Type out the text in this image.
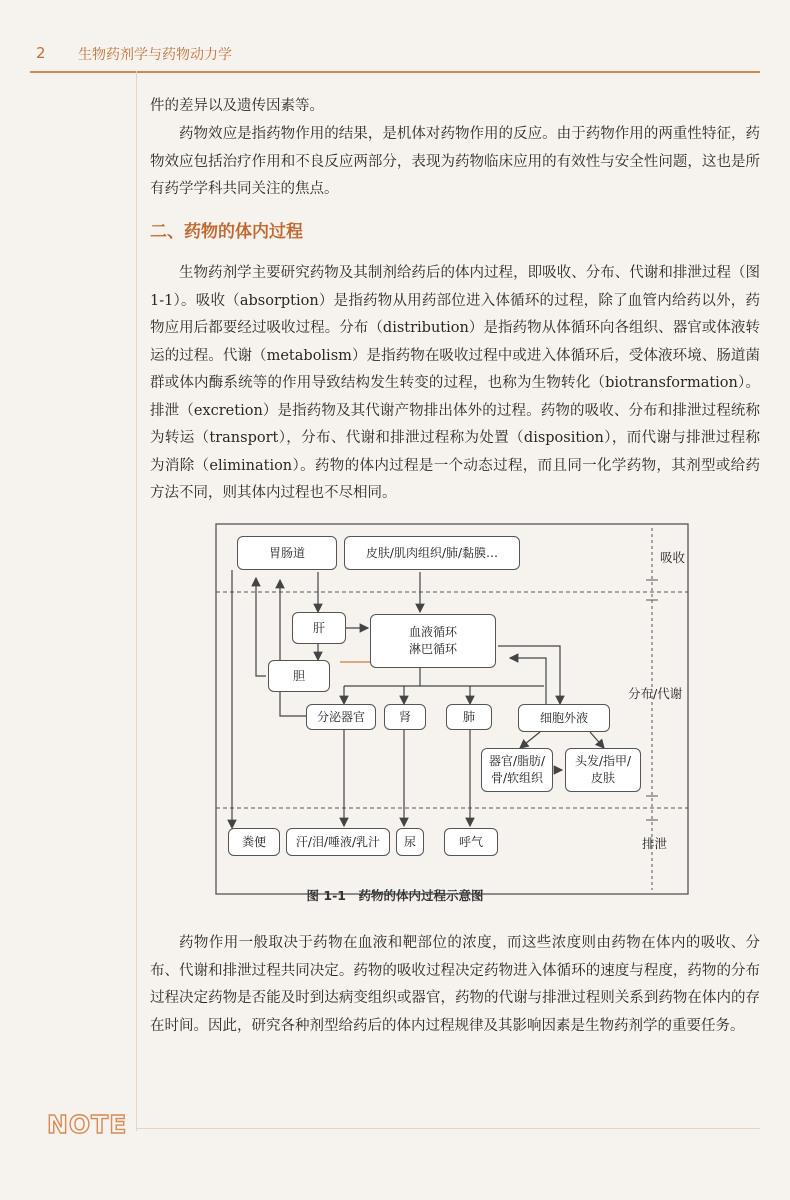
2 生物药剂学与药物动力学

件的差异以及遗传因素等。

药物效应是指药物作用的结果，是机体对药物作用的反应。由于药物作用的两重性特征，药物效应包括治疗作用和不良反应两部分，表现为药物临床应用的有效性与安全性问题，这也是所有药学学科共同关注的焦点。

二、药物的体内过程

生物药剂学主要研究药物及其制剂给药后的体内过程，即吸收、分布、代谢和排泄过程（图 1-1）。吸收（absorption）是指药物从用药部位进入体循环的过程，除了血管内给药以外，药物应用后都要经过吸收过程。分布（distribution）是指药物从体循环向各组织、器官或体液转运的过程。代谢（metabolism）是指药物在吸收过程中或进入体循环后，受体液环境、肠道菌群或体内酶系统等的作用导致结构发生转变的过程，也称为生物转化（biotransformation）。排泄（excretion）是指药物及其代谢产物排出体外的过程。药物的吸收、分布和排泄过程统称为转运（transport），分布、代谢和排泄过程称为处置（disposition），而代谢与排泄过程称为消除（elimination）。药物的体内过程是一个动态过程，而且同一化学药物，其剂型或给药方法不同，则其体内过程也不尽相同。

胃肠道	皮肤/肌肉组织/肺/黏膜…
肝
胆
血液循环
淋巴循环
分泌器官	肾	肺	细胞外液
器官/脂肪/
骨/软组织
头发/指甲/
皮肤
粪便	汗/泪/唾液/乳汁	尿	呼气
吸收
分布/代谢
排泄
图 1-1　药物的体内过程示意图

药物作用一般取决于药物在血液和靶部位的浓度，而这些浓度则由药物在体内的吸收、分布、代谢和排泄过程共同决定。药物的吸收过程决定药物进入体循环的速度与程度，药物的分布过程决定药物是否能及时到达病变组织或器官，药物的代谢与排泄过程则关系到药物在体内的存在时间。因此，研究各种剂型给药后的体内过程规律及其影响因素是生物药剂学的重要任务。

NOTE
